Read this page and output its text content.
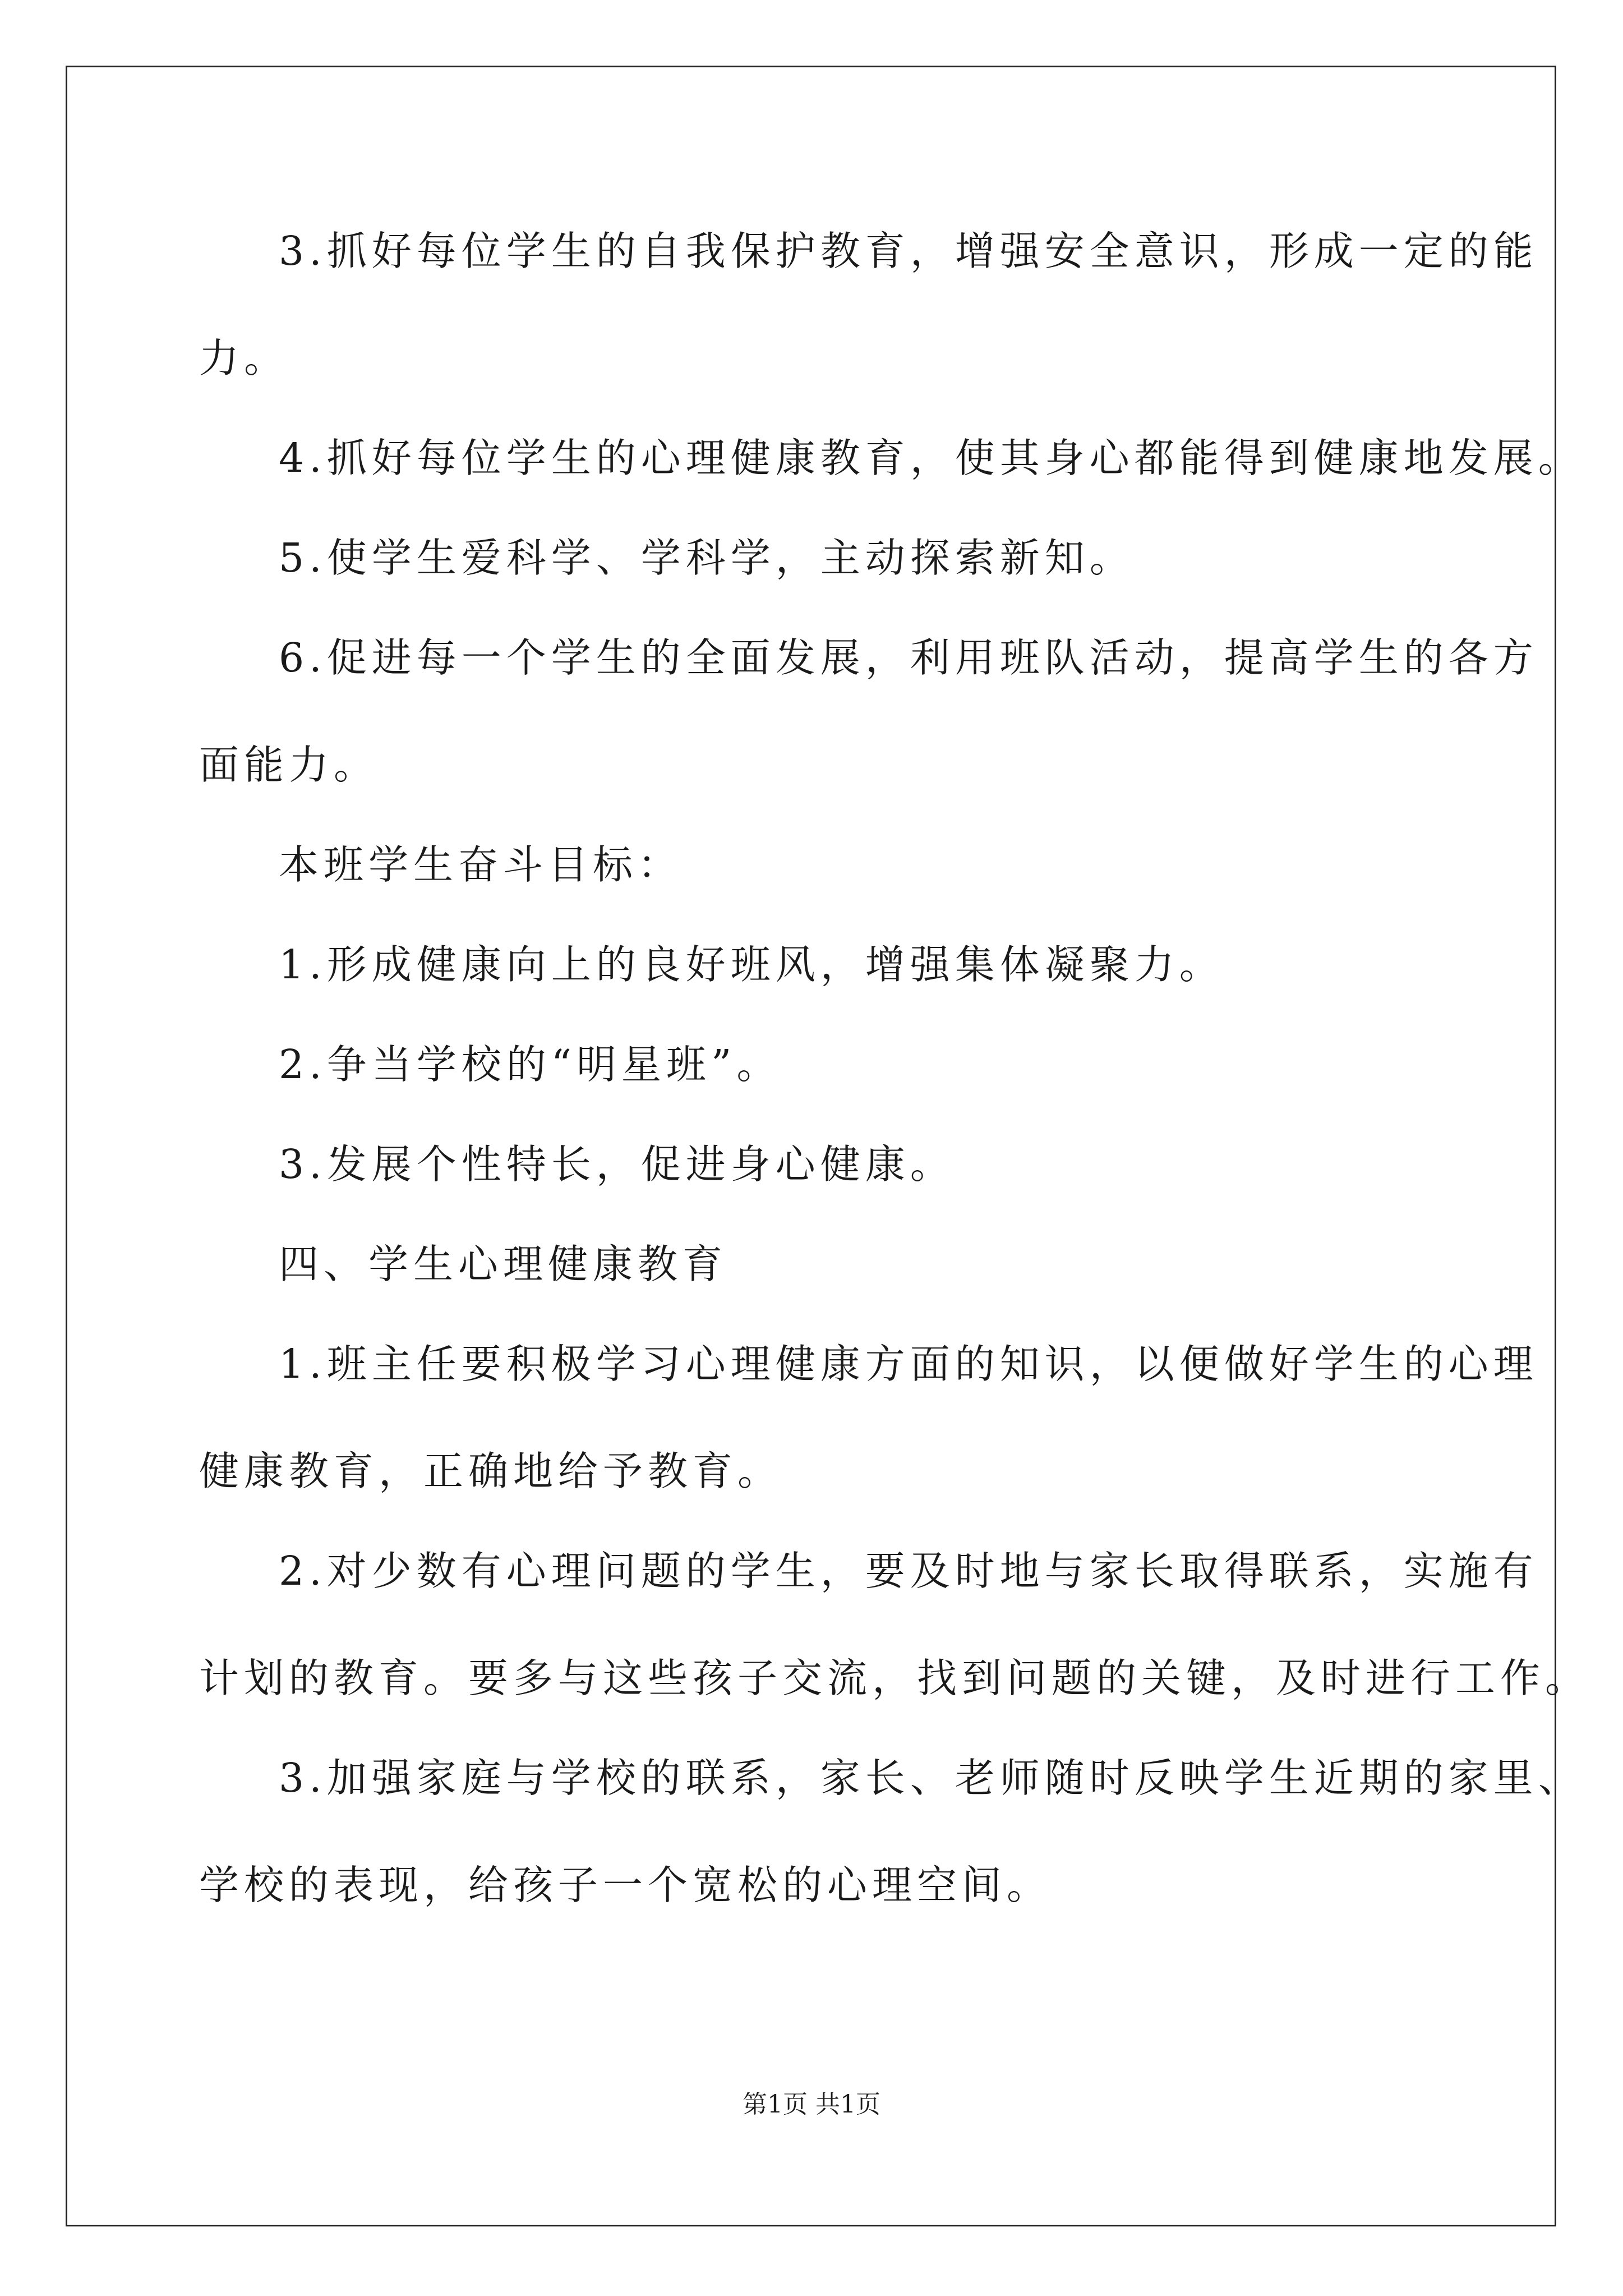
3.抓好每位学生的自我保护教育，增强安全意识，形成一定的能
力。

4.抓好每位学生的心理健康教育，使其身心都能得到健康地发展。

5.使学生爱科学、学科学，主动探索新知。

6.促进每一个学生的全面发展，利用班队活动，提高学生的各方
面能力。

本班学生奋斗目标：

1.形成健康向上的良好班风，增强集体凝聚力。

2.争当学校的“明星班”。

3.发展个性特长，促进身心健康。

四、学生心理健康教育

1.班主任要积极学习心理健康方面的知识，以便做好学生的心理
健康教育，正确地给予教育。

2.对少数有心理问题的学生，要及时地与家长取得联系，实施有
计划的教育。要多与这些孩子交流，找到问题的关键，及时进行工作。

3.加强家庭与学校的联系，家长、老师随时反映学生近期的家里、
学校的表现，给孩子一个宽松的心理空间。

第1页 共1页
